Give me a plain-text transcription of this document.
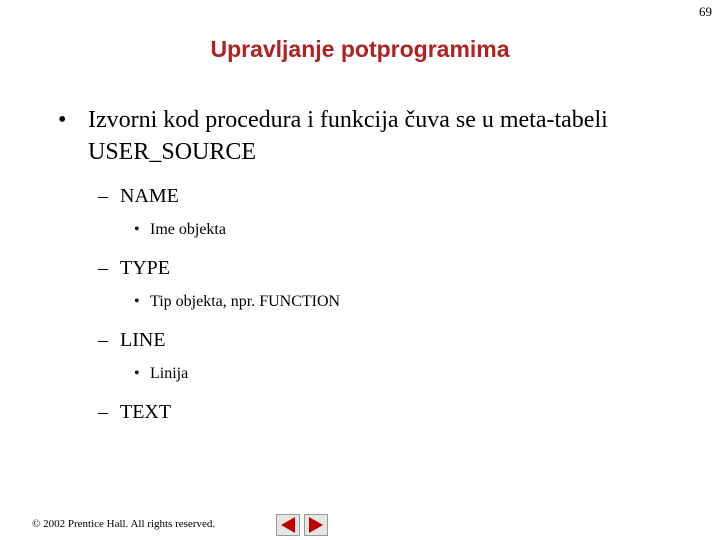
69
Upravljanje potprogramima
• Izvorni kod procedura i funkcija čuva se u meta-tabeli USER_SOURCE
– NAME
• Ime objekta
– TYPE
• Tip objekta, npr. FUNCTION
– LINE
• Linija
– TEXT
© 2002 Prentice Hall. All rights reserved.
